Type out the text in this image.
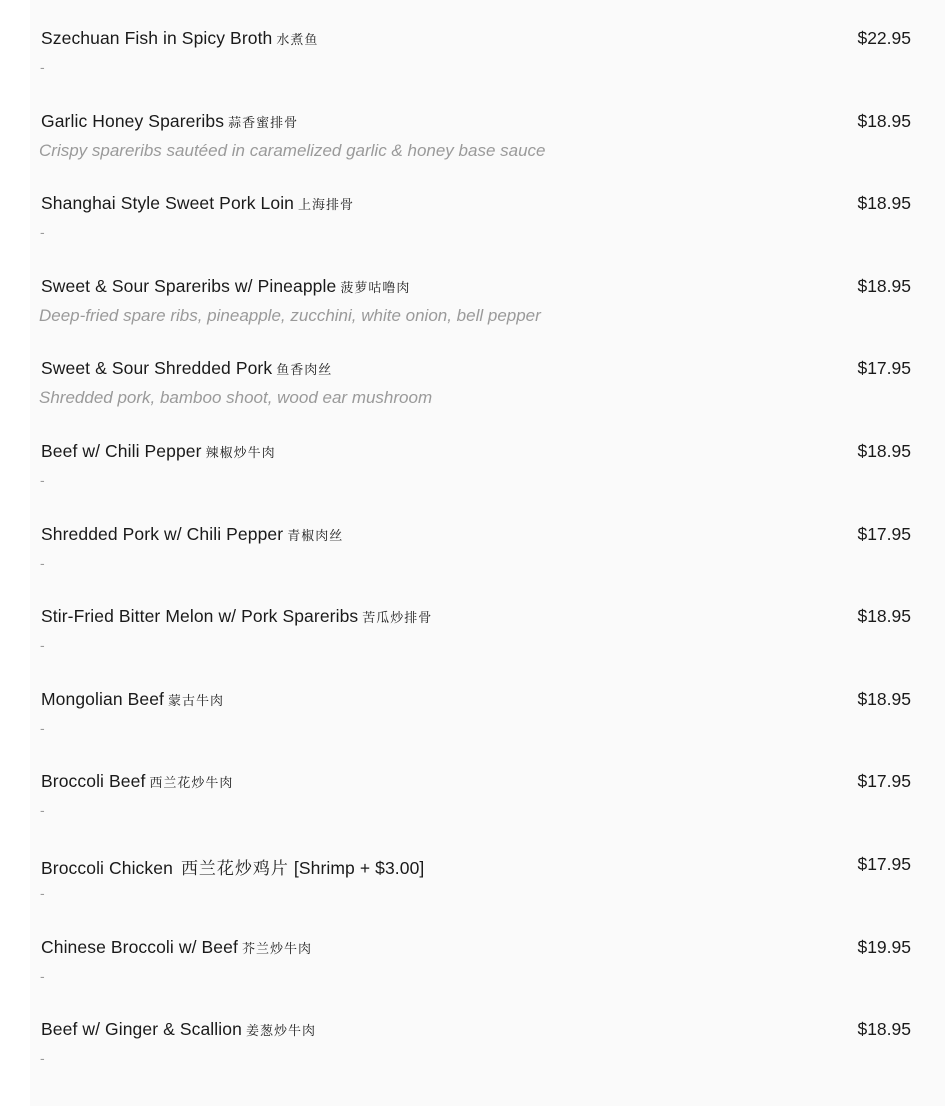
Szechuan Fish in Spicy Broth 水煮鱼	$22.95
-
Garlic Honey Spareribs 蒜香蜜排骨	$18.95
Crispy spareribs sautéed in caramelized garlic & honey base sauce
Shanghai Style Sweet Pork Loin 上海排骨	$18.95
-
Sweet & Sour Spareribs w/ Pineapple 菠萝咕噜肉	$18.95
Deep-fried spare ribs, pineapple, zucchini, white onion, bell pepper
Sweet & Sour Shredded Pork 鱼香肉丝	$17.95
Shredded pork, bamboo shoot, wood ear mushroom
Beef w/ Chili Pepper 辣椒炒牛肉	$18.95
-
Shredded Pork w/ Chili Pepper 青椒肉丝	$17.95
-
Stir-Fried Bitter Melon w/ Pork Spareribs 苦瓜炒排骨	$18.95
-
Mongolian Beef 蒙古牛肉	$18.95
-
Broccoli Beef 西兰花炒牛肉	$17.95
-
Broccoli Chicken 西兰花炒鸡片 [Shrimp + $3.00]	$17.95
-
Chinese Broccoli w/ Beef 芥兰炒牛肉	$19.95
-
Beef w/ Ginger & Scallion 姜葱炒牛肉	$18.95
-
